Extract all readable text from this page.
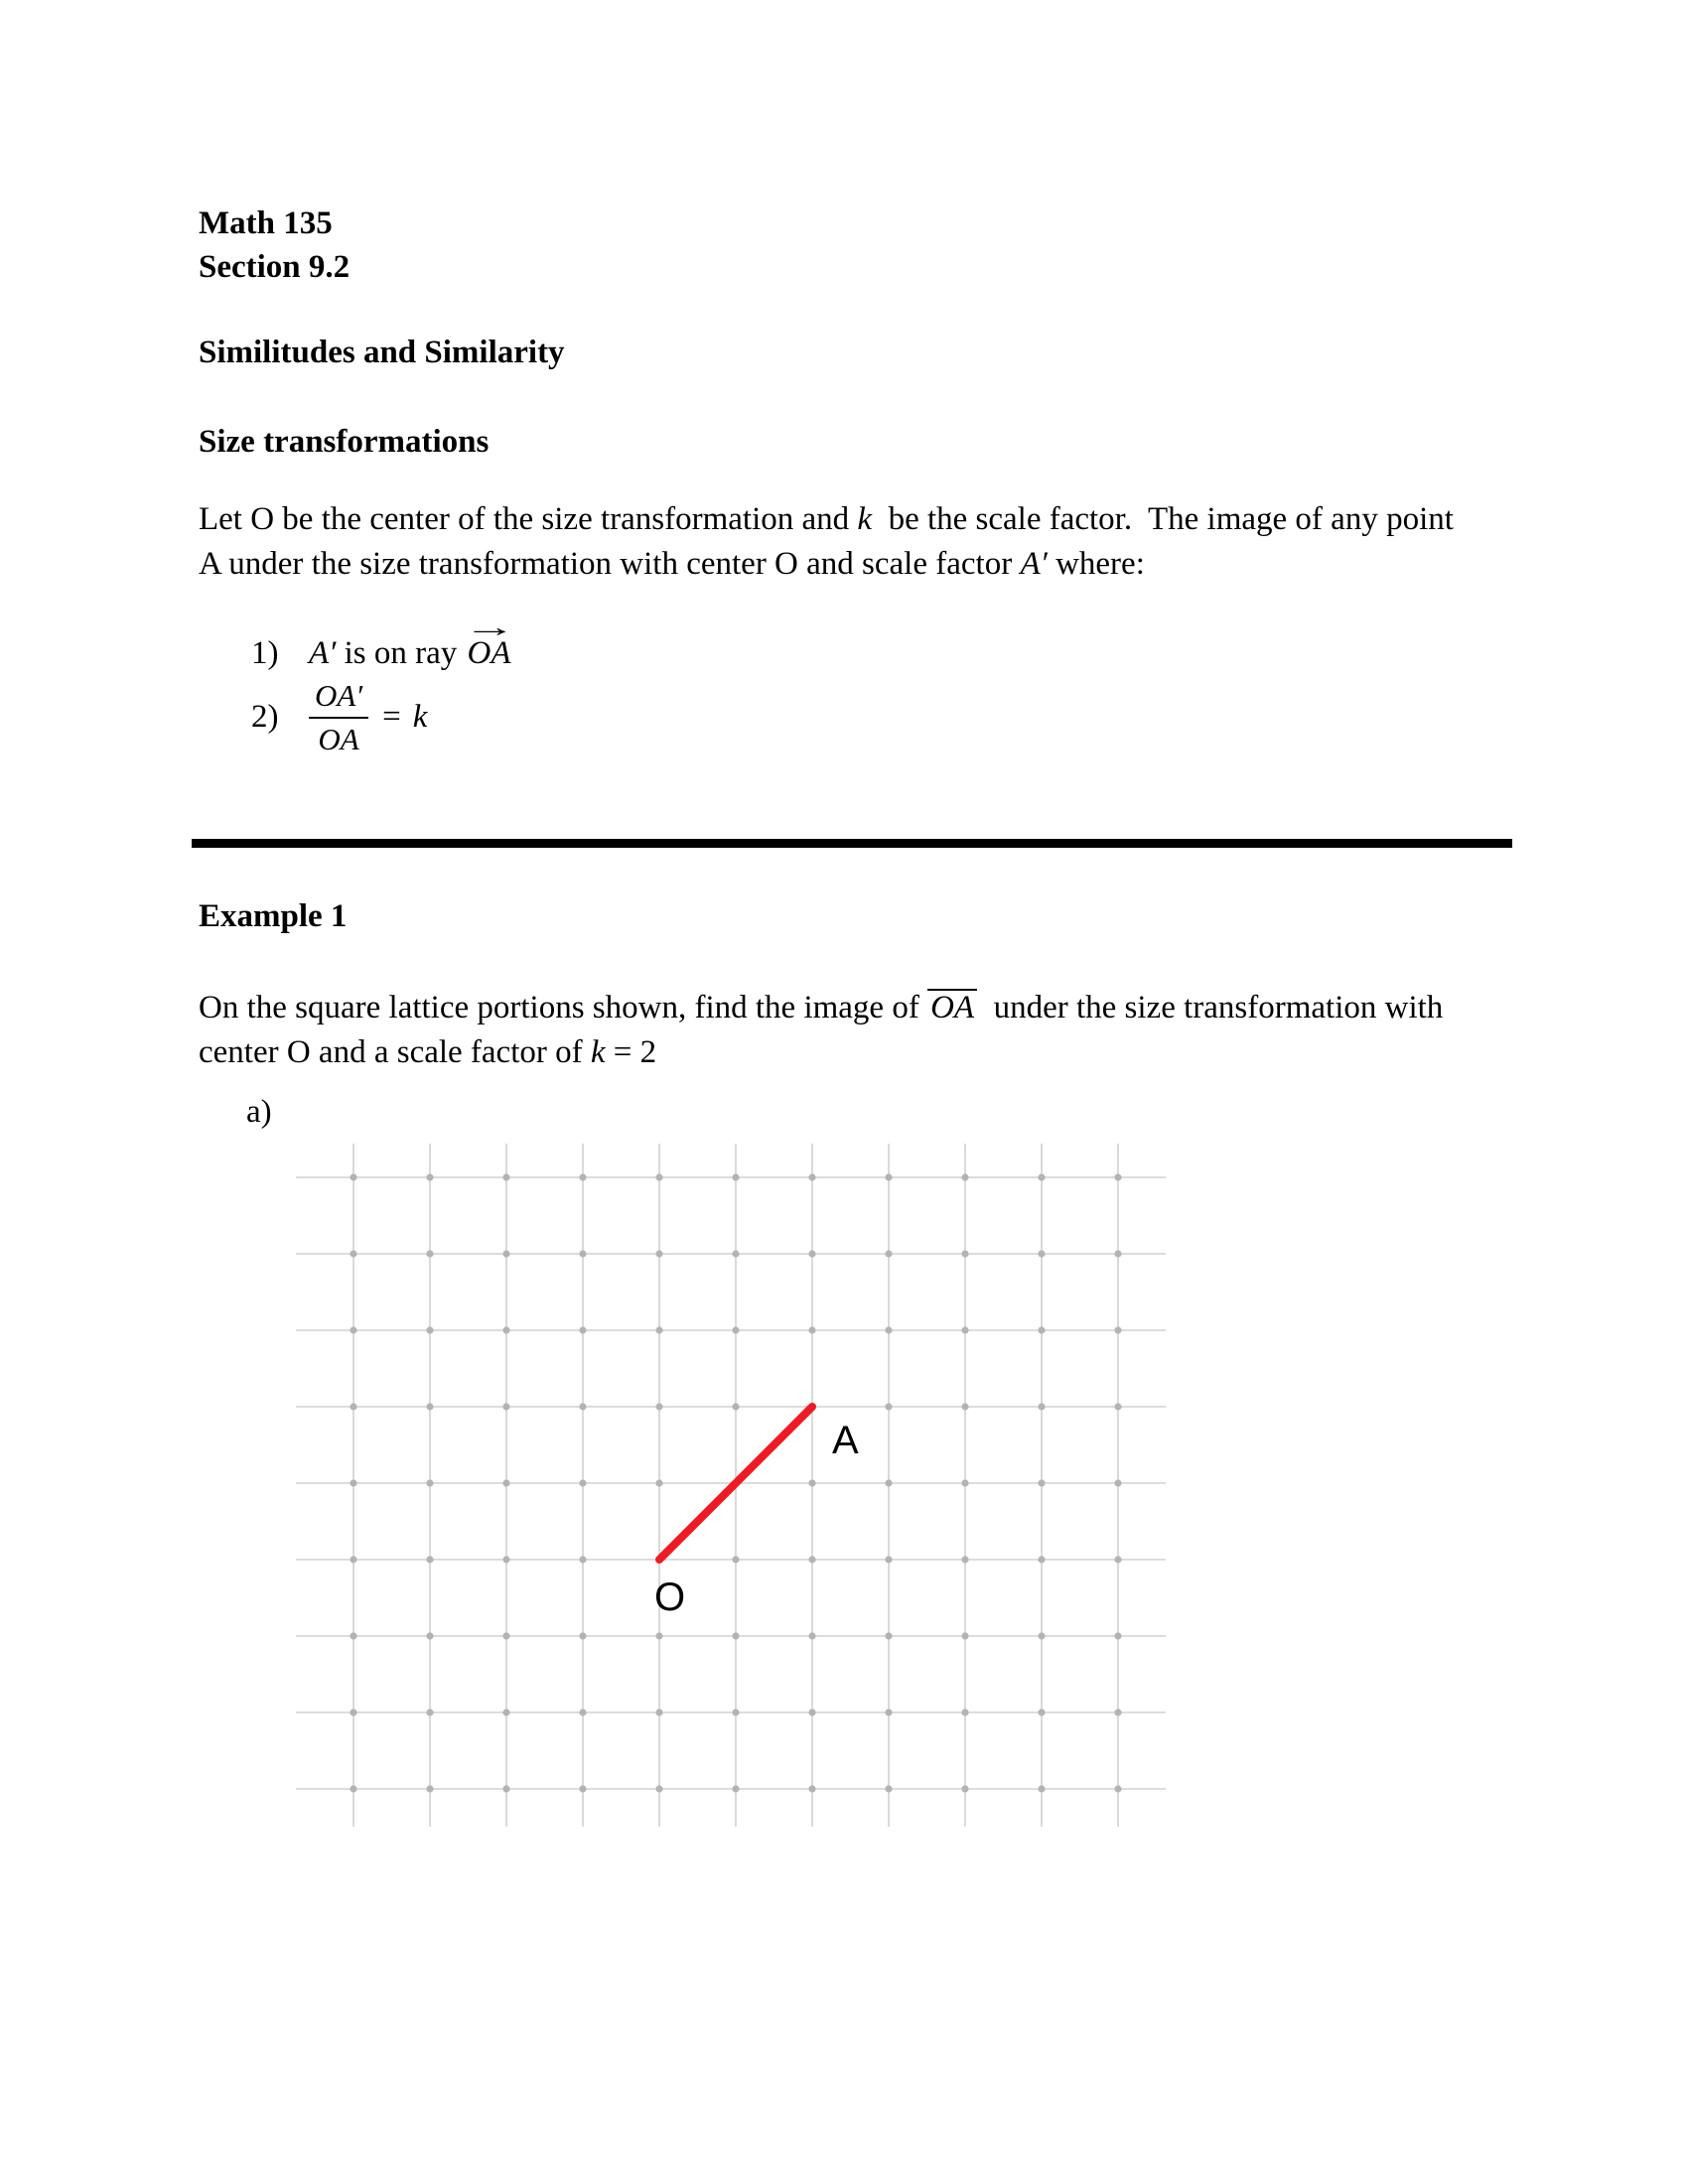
Math 135
Section 9.2
Similitudes and Similarity
Size transformations
Let O be the center of the size transformation and k  be the scale factor.  The image of any point
A under the size transformation with center O and scale factor A′ where:
1) A′ is on ray
→
OA
$2) \frac{OA'}{OA} = k$
Example 1
On the square lattice portions shown, find the image of OA  under the size transformation with
center O and a scale factor of k = 2
a)
A
O
